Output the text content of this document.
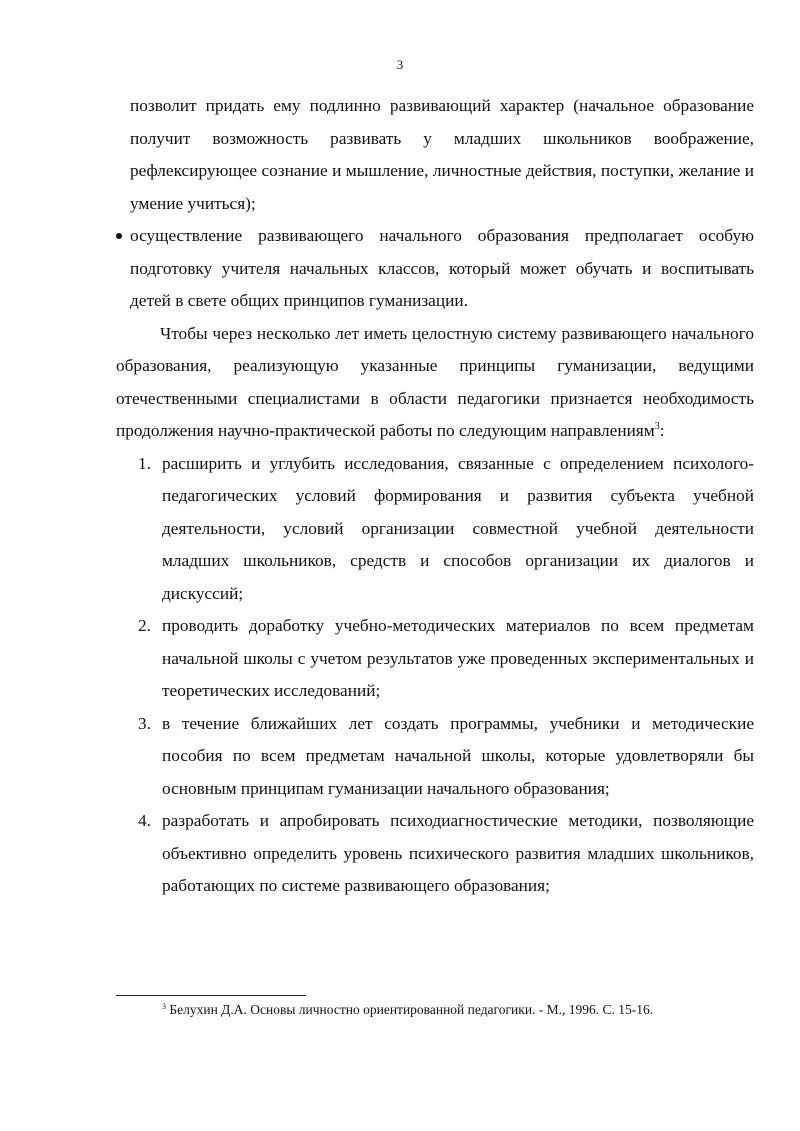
3
позволит придать ему подлинно развивающий характер (начальное образование получит возможность развивать у младших школьников воображение, рефлексирующее сознание и мышление, личностные действия, поступки, желание и умение учиться);
осуществление развивающего начального образования предполагает особую подготовку учителя начальных классов, который может обучать и воспитывать детей в свете общих принципов гуманизации.
Чтобы через несколько лет иметь целостную систему развивающего начального образования, реализующую указанные принципы гуманизации, ведущими отечественными специалистами в области педагогики признается необходимость продолжения научно-практической работы по следующим направлениям$^3$:
1. расширить и углубить исследования, связанные с определением психолого-педагогических условий формирования и развития субъекта учебной деятельности, условий организации совместной учебной деятельности младших школьников, средств и способов организации их диалогов и дискуссий;
2. проводить доработку учебно-методических материалов по всем предметам начальной школы с учетом результатов уже проведенных экспериментальных и теоретических исследований;
3. в течение ближайших лет создать программы, учебники и методические пособия по всем предметам начальной школы, которые удовлетворяли бы основным принципам гуманизации начального образования;
4. разработать и апробировать психодиагностические методики, позволяющие объективно определить уровень психического развития младших школьников, работающих по системе развивающего образования;
$^3$ Белухин Д.А. Основы личностно ориентированной педагогики. - М., 1996. С. 15-16.
